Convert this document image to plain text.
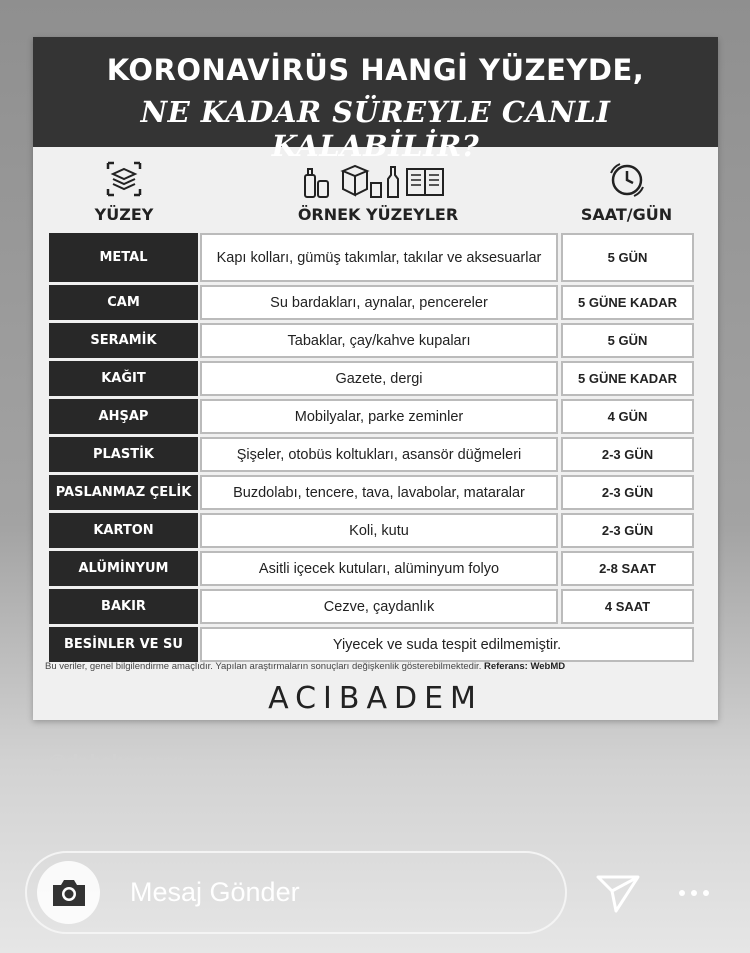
KORONAVİRÜS HANGİ YÜZEYDE,
NE KADAR SÜREYLE CANLI KALABİLİR?
YÜZEY	ÖRNEK YÜZEYLER	SAAT/GÜN
METAL	Kapı kolları, gümüş takımlar, takılar ve aksesuarlar	5 GÜN
CAM	Su bardakları, aynalar, pencereler	5 GÜNE KADAR
SERAMİK	Tabaklar, çay/kahve kupaları	5 GÜN
KAĞIT	Gazete, dergi	5 GÜNE KADAR
AHŞAP	Mobilyalar, parke zeminler	4 GÜN
PLASTİK	Şişeler, otobüs koltukları, asansör düğmeleri	2-3 GÜN
PASLANMAZ ÇELİK	Buzdolabı, tencere, tava, lavabolar, mataralar	2-3 GÜN
KARTON	Koli, kutu	2-3 GÜN
ALÜMİNYUM	Asitli içecek kutuları, alüminyum folyo	2-8 SAAT
BAKIR	Cezve, çaydanlık	4 SAAT
BESİNLER VE SU	Yiyecek ve suda tespit edilmemiştir.
Bu veriler, genel bilgilendirme amaçlıdır. Yapılan araştırmaların sonuçları değişkenlik gösterebilmektedir. Referans: WebMD
ACIBADEM
@dr.hakaneren
Mesaj Gönder
